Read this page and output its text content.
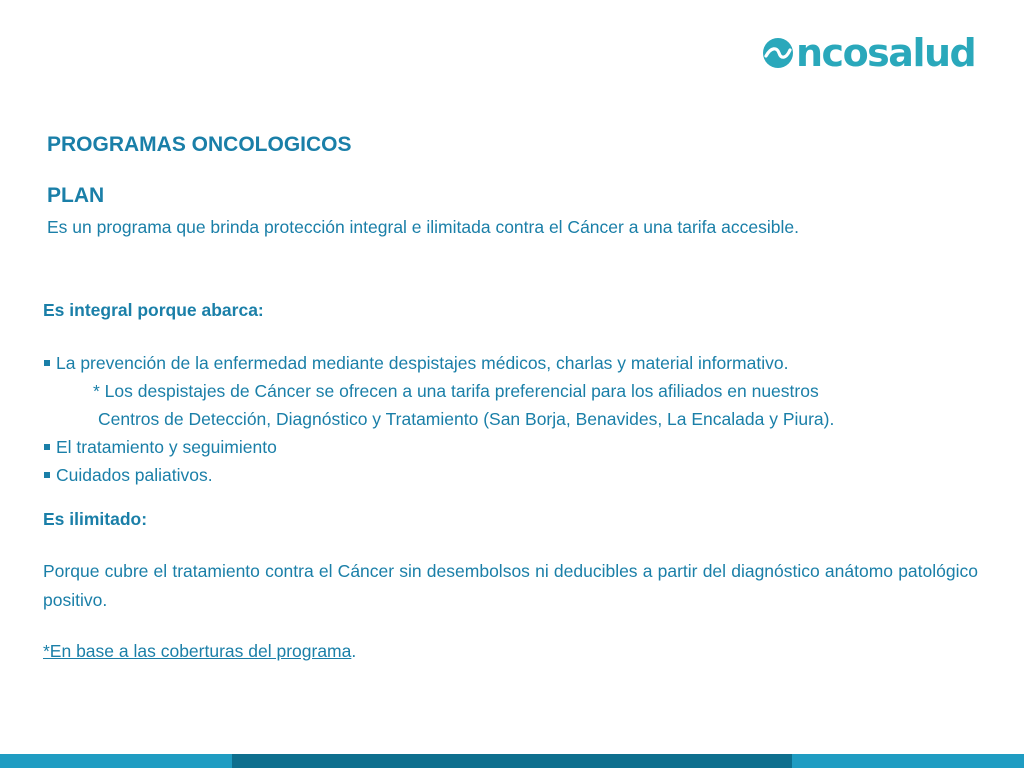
ncosalud
PROGRAMAS ONCOLOGICOS
PLAN

Es un programa que brinda protección integral e ilimitada contra el Cáncer a una tarifa accesible.

Es integral porque abarca:

La prevención de la enfermedad mediante despistajes médicos, charlas y material informativo.

* Los despistajes de Cáncer se ofrecen a una tarifa preferencial para los afiliados en nuestros

Centros de Detección, Diagnóstico y Tratamiento (San Borja, Benavides, La Encalada y Piura).

El tratamiento y seguimiento

Cuidados paliativos.

Es ilimitado:

Porque cubre el tratamiento contra el Cáncer sin desembolsos ni deducibles a partir del diagnóstico anátomo patológico positivo.

*En base a las coberturas del programa.
